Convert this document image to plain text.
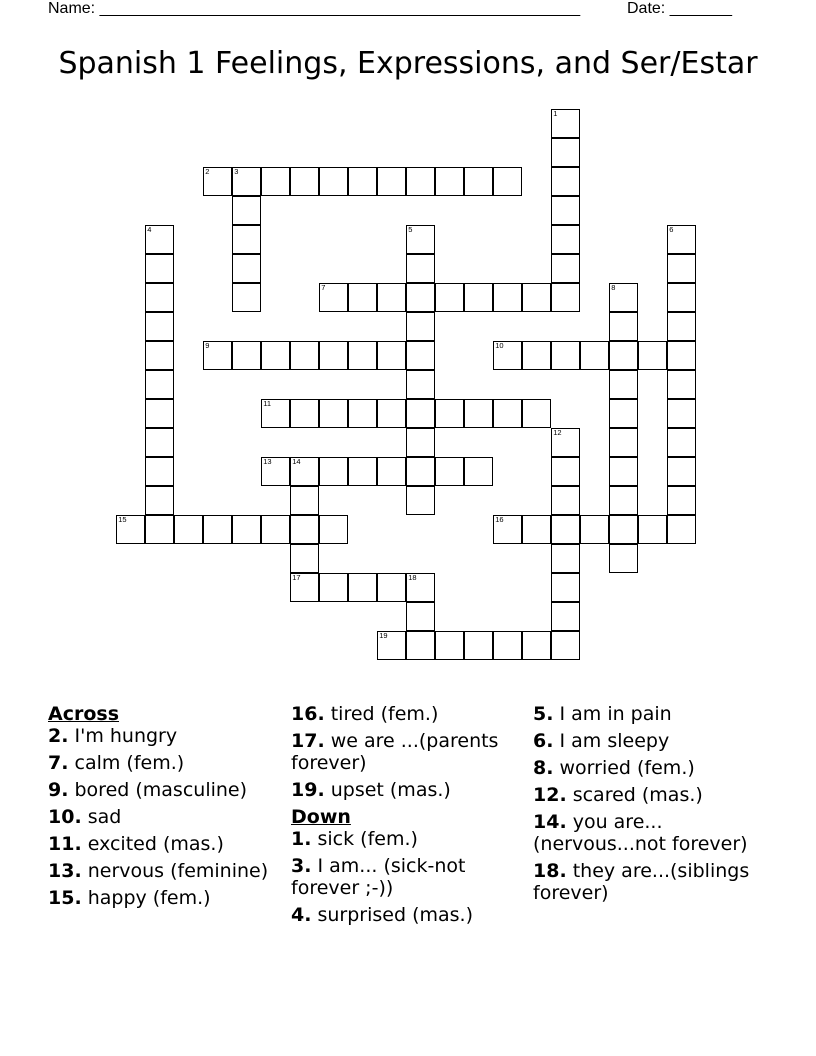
Name: ______________________________________________________	Date: _______
Spanish 1 Feelings, Expressions, and Ser/Estar
1
2	3
4	5	6
7	8
9	10
11
12
13	14
17
15	16
18
19
Across
2. I'm hungry
7. calm (fem.)
9. bored (masculine)
10. sad
11. excited (mas.)
13. nervous (feminine)
15. happy (fem.)
16. tired (fem.)
17. we are ...(parents forever)
19. upset (mas.)
Down
1. sick (fem.)
3. I am... (sick-not forever ;-))
4. surprised (mas.)
5. I am in pain
6. I am sleepy
8. worried (fem.)
12. scared (mas.)
14. you are...(nervous...not forever)
18. they are...(siblings forever)
